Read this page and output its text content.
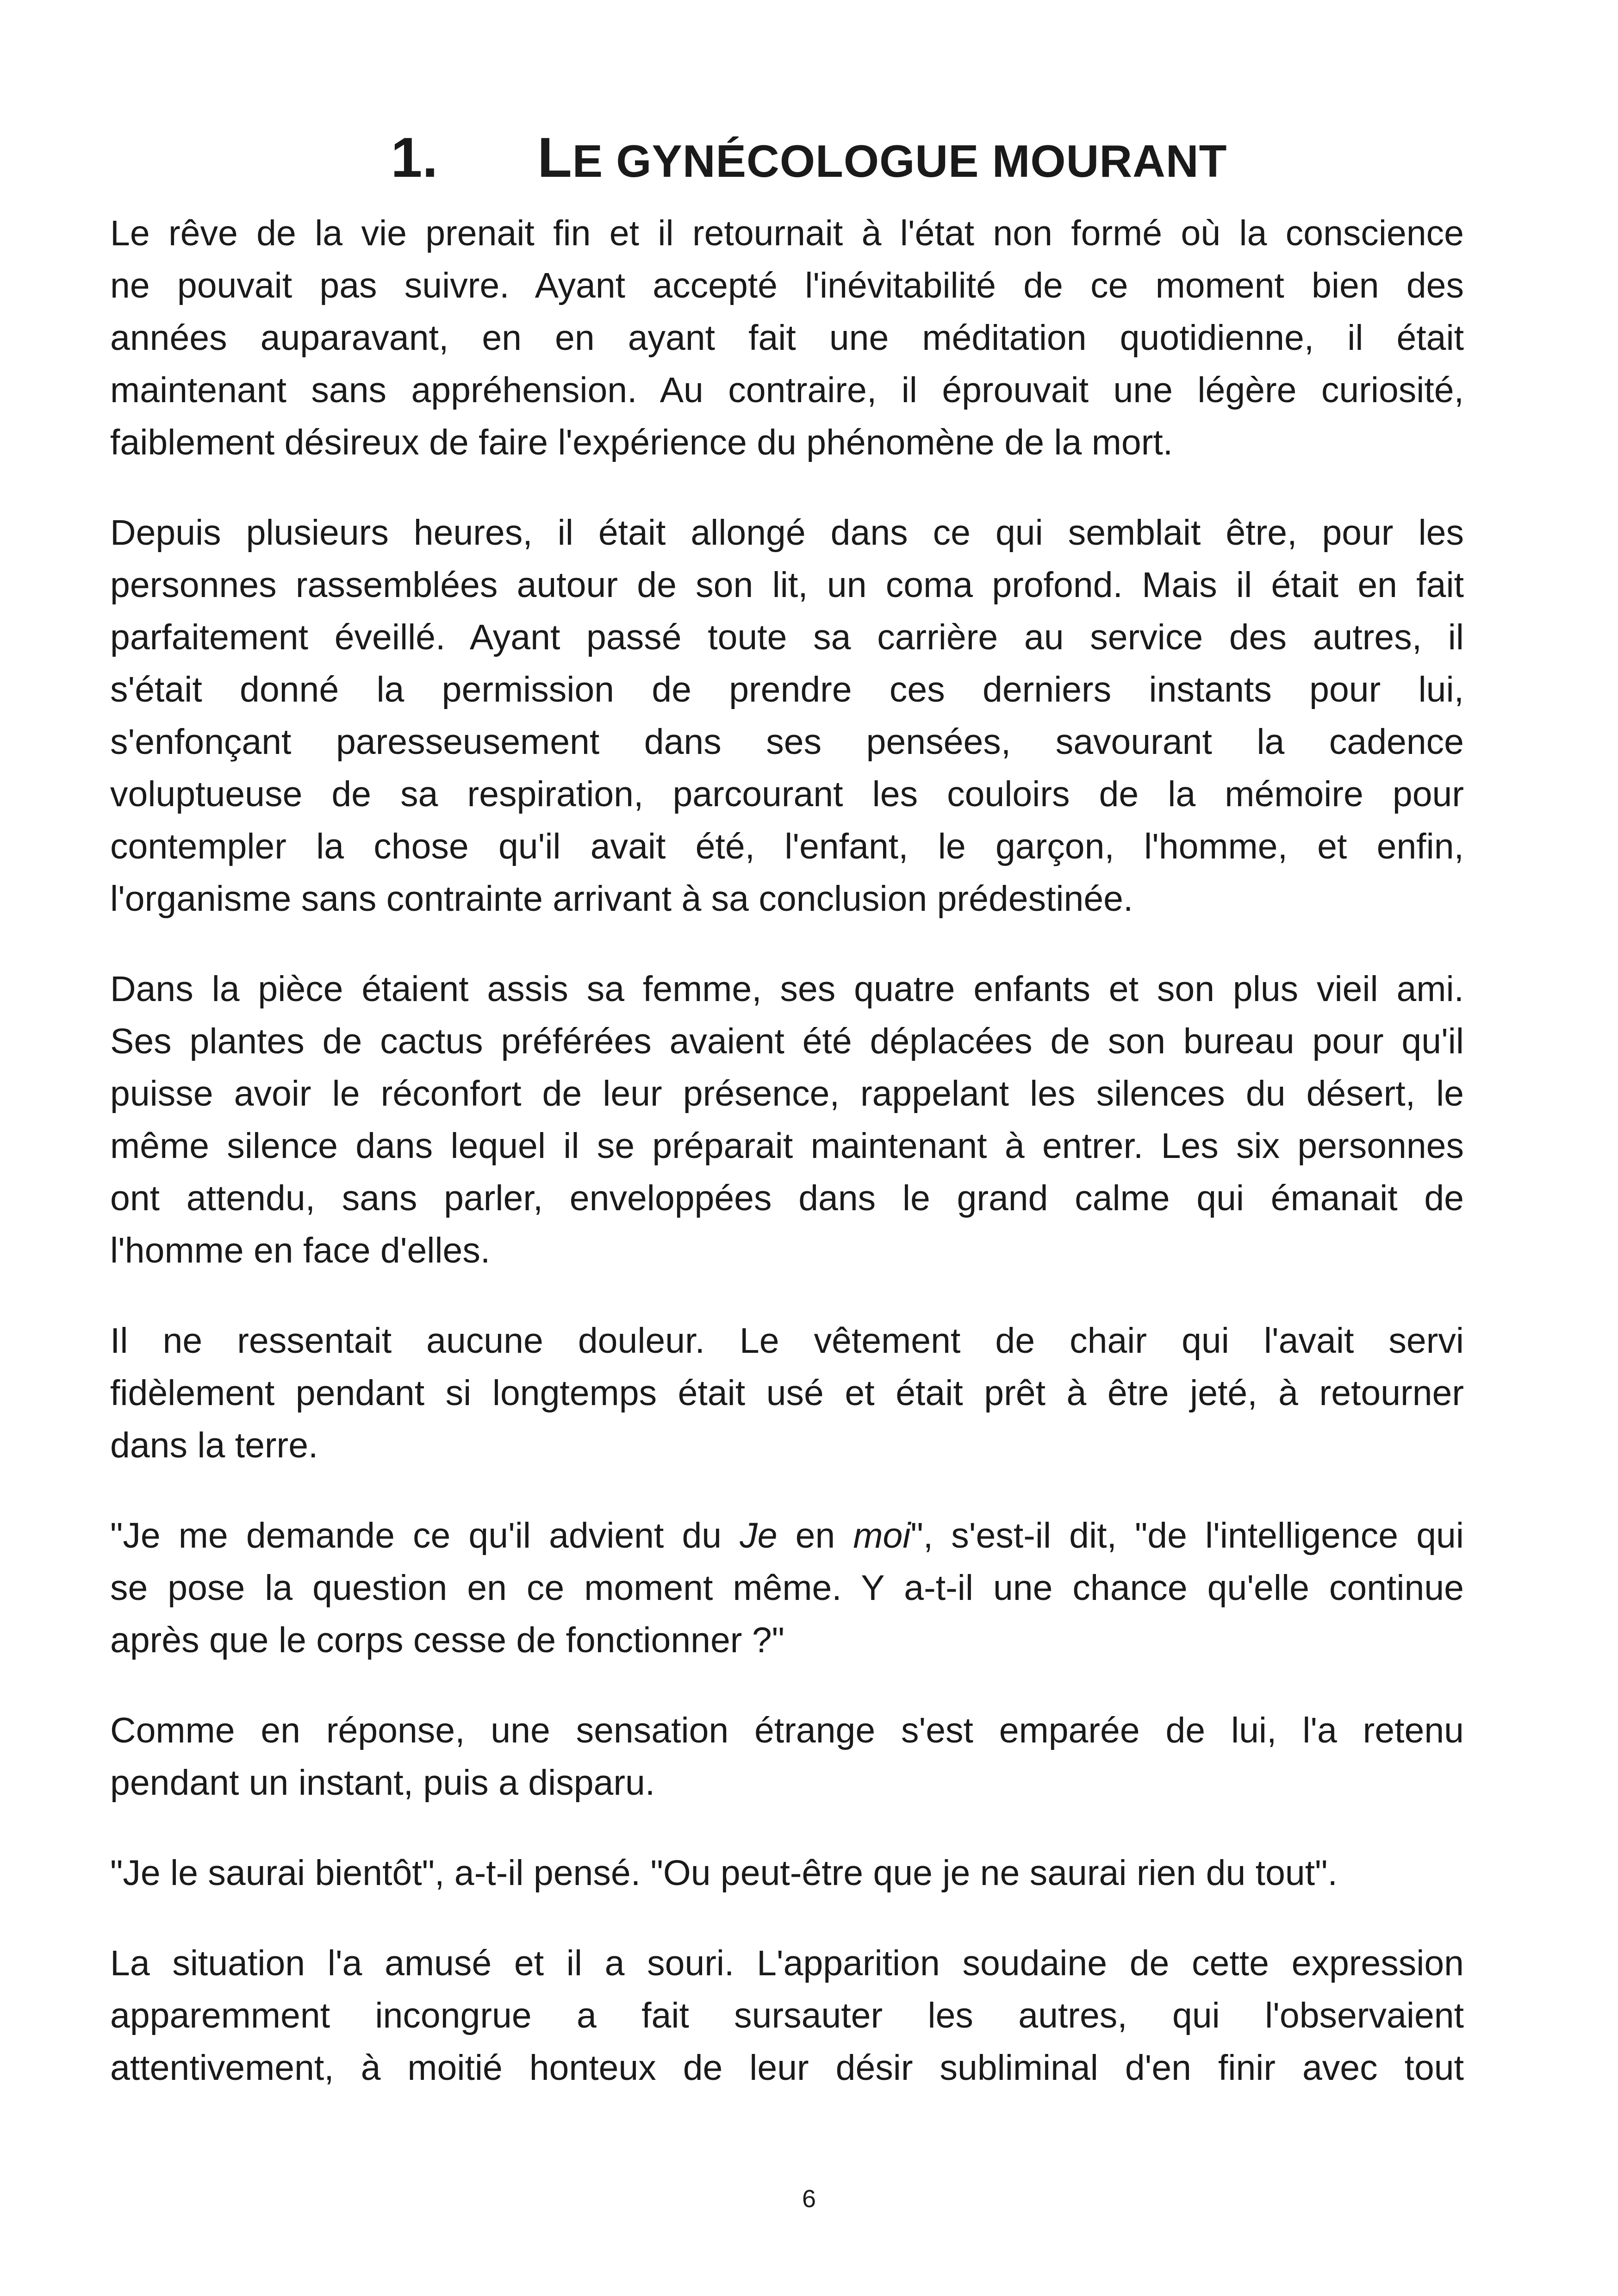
1. LE GYNÉCOLOGUE MOURANT

Le rêve de la vie prenait fin et il retournait à l'état non formé où la conscience
ne pouvait pas suivre. Ayant accepté l'inévitabilité de ce moment bien des
années auparavant, en en ayant fait une méditation quotidienne, il était
maintenant sans appréhension. Au contraire, il éprouvait une légère curiosité,
faiblement désireux de faire l'expérience du phénomène de la mort.

Depuis plusieurs heures, il était allongé dans ce qui semblait être, pour les
personnes rassemblées autour de son lit, un coma profond. Mais il était en fait
parfaitement éveillé. Ayant passé toute sa carrière au service des autres, il
s'était donné la permission de prendre ces derniers instants pour lui,
s'enfonçant paresseusement dans ses pensées, savourant la cadence
voluptueuse de sa respiration, parcourant les couloirs de la mémoire pour
contempler la chose qu'il avait été, l'enfant, le garçon, l'homme, et enfin,
l'organisme sans contrainte arrivant à sa conclusion prédestinée.

Dans la pièce étaient assis sa femme, ses quatre enfants et son plus vieil ami.
Ses plantes de cactus préférées avaient été déplacées de son bureau pour qu'il
puisse avoir le réconfort de leur présence, rappelant les silences du désert, le
même silence dans lequel il se préparait maintenant à entrer. Les six personnes
ont attendu, sans parler, enveloppées dans le grand calme qui émanait de
l'homme en face d'elles.

Il ne ressentait aucune douleur. Le vêtement de chair qui l'avait servi
fidèlement pendant si longtemps était usé et était prêt à être jeté, à retourner
dans la terre.

"Je me demande ce qu'il advient du Je en moi", s'est-il dit, "de l'intelligence qui
se pose la question en ce moment même. Y a-t-il une chance qu'elle continue
après que le corps cesse de fonctionner ?"

Comme en réponse, une sensation étrange s'est emparée de lui, l'a retenu
pendant un instant, puis a disparu.

"Je le saurai bientôt", a-t-il pensé. "Ou peut-être que je ne saurai rien du tout".

La situation l'a amusé et il a souri. L'apparition soudaine de cette expression
apparemment incongrue a fait sursauter les autres, qui l'observaient
attentivement, à moitié honteux de leur désir subliminal d'en finir avec tout

6
